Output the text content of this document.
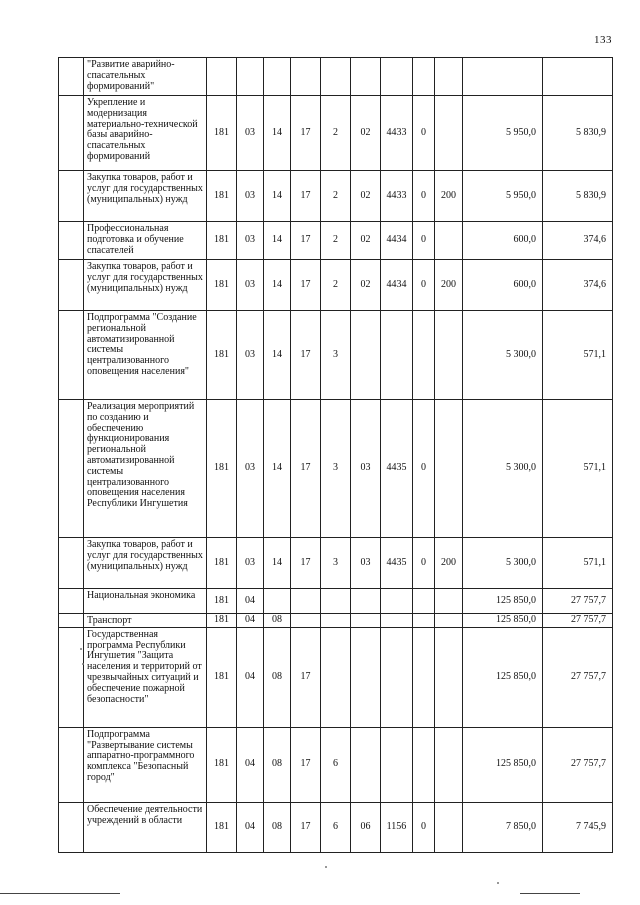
133
	"Развитие аварийно-спасательных формирований"											
	Укрепление и модернизация материально-технической базы аварийно-спасательных формирований	181	03	14	17	2	02	4433	0		5 950,0	5 830,9
	Закупка товаров, работ и услуг для государственных (муниципальных) нужд	181	03	14	17	2	02	4433	0	200	5 950,0	5 830,9
	Профессиональная подготовка и обучение спасателей	181	03	14	17	2	02	4434	0		600,0	374,6
	Закупка товаров, работ и услуг для государственных (муниципальных) нужд	181	03	14	17	2	02	4434	0	200	600,0	374,6
	Подпрограмма "Создание региональной автоматизированной системы централизованного оповещения населения"	181	03	14	17	3					5 300,0	571,1
	Реализация мероприятий по созданию и обеспечению функционирования региональной автоматизированной системы централизованного оповещения населения Республики Ингушетия	181	03	14	17	3	03	4435	0		5 300,0	571,1
	Закупка товаров, работ и услуг для государственных (муниципальных) нужд	181	03	14	17	3	03	4435	0	200	5 300,0	571,1
	Национальная экономика	181	04								125 850,0	27 757,7
	Транспорт	181	04	08							125 850,0	27 757,7
	Государственная программа Республики Ингушетия "Защита населения и территорий от чрезвычайных ситуаций и обеспечение пожарной безопасности"	181	04	08	17						125 850,0	27 757,7
	Подпрограмма "Развертывание системы аппаратно-программного комплекса "Безопасный город"	181	04	08	17	6					125 850,0	27 757,7
	Обеспечение деятельности учреждений в области	181	04	08	17	6	06	1156	0		7 850,0	7 745,9
